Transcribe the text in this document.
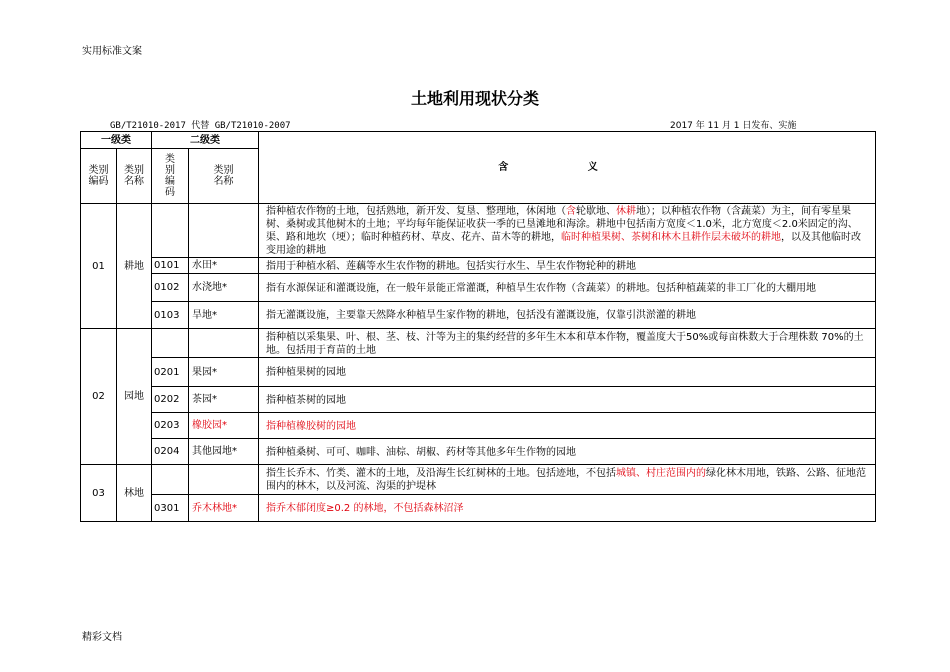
实用标准文案
土地利用现状分类
GB/T21010-2017 代替 GB/T21010-2007	2017 年 11 月 1 日发布、实施
一级类		二级类		含 义
类别编码	类别名称	类别编码	类别名称	
01	耕地			指种植农作物的土地，包括熟地，新开发、复垦、整理地，休闲地（含轮歇地、休耕地）；以种植农作物（含蔬菜）为主，间有零星果树、桑树或其他树木的土地；平均每年能保证收获一季的已垦滩地和海涂。耕地中包括南方宽度＜1.0米，北方宽度＜2.0米固定的沟、渠、路和地坎（埂）；临时种植药材、草皮、花卉、苗木等的耕地，临时种植果树、茶树和林木且耕作层未破坏的耕地，以及其他临时改变用途的耕地
		0101	水田*	指用于种植水稻、莲藕等水生农作物的耕地。包括实行水生、旱生农作物轮种的耕地
		0102	水浇地*	指有水源保证和灌溉设施，在一般年景能正常灌溉，种植旱生农作物（含蔬菜）的耕地。包括种植蔬菜的非工厂化的大棚用地
		0103	旱地*	指无灌溉设施，主要靠天然降水种植旱生家作物的耕地，包括没有灌溉设施，仅靠引洪淤灌的耕地
02	园地			指种植以采集果、叶、根、茎、枝、汁等为主的集约经营的多年生木本和草本作物，覆盖度大于50%或每亩株数大于合理株数 70%的土地。包括用于育苗的土地
		0201	果园*	指种植果树的园地
		0202	茶园*	指种植茶树的园地
		0203	橡胶园*	指种植橡胶树的园地
		0204	其他园地*	指种植桑树、可可、咖啡、油棕、胡椒、药材等其他多年生作物的园地
03	林地			指生长乔木、竹类、灌木的土地，及沿海生长红树林的土地。包括迹地，不包括城镇、村庄范围内的绿化林木用地，铁路、公路、征地范围内的林木，以及河流、沟渠的护堤林
		0301	乔木林地*	指乔木郁闭度≥0.2 的林地，不包括森林沼泽
精彩文档
